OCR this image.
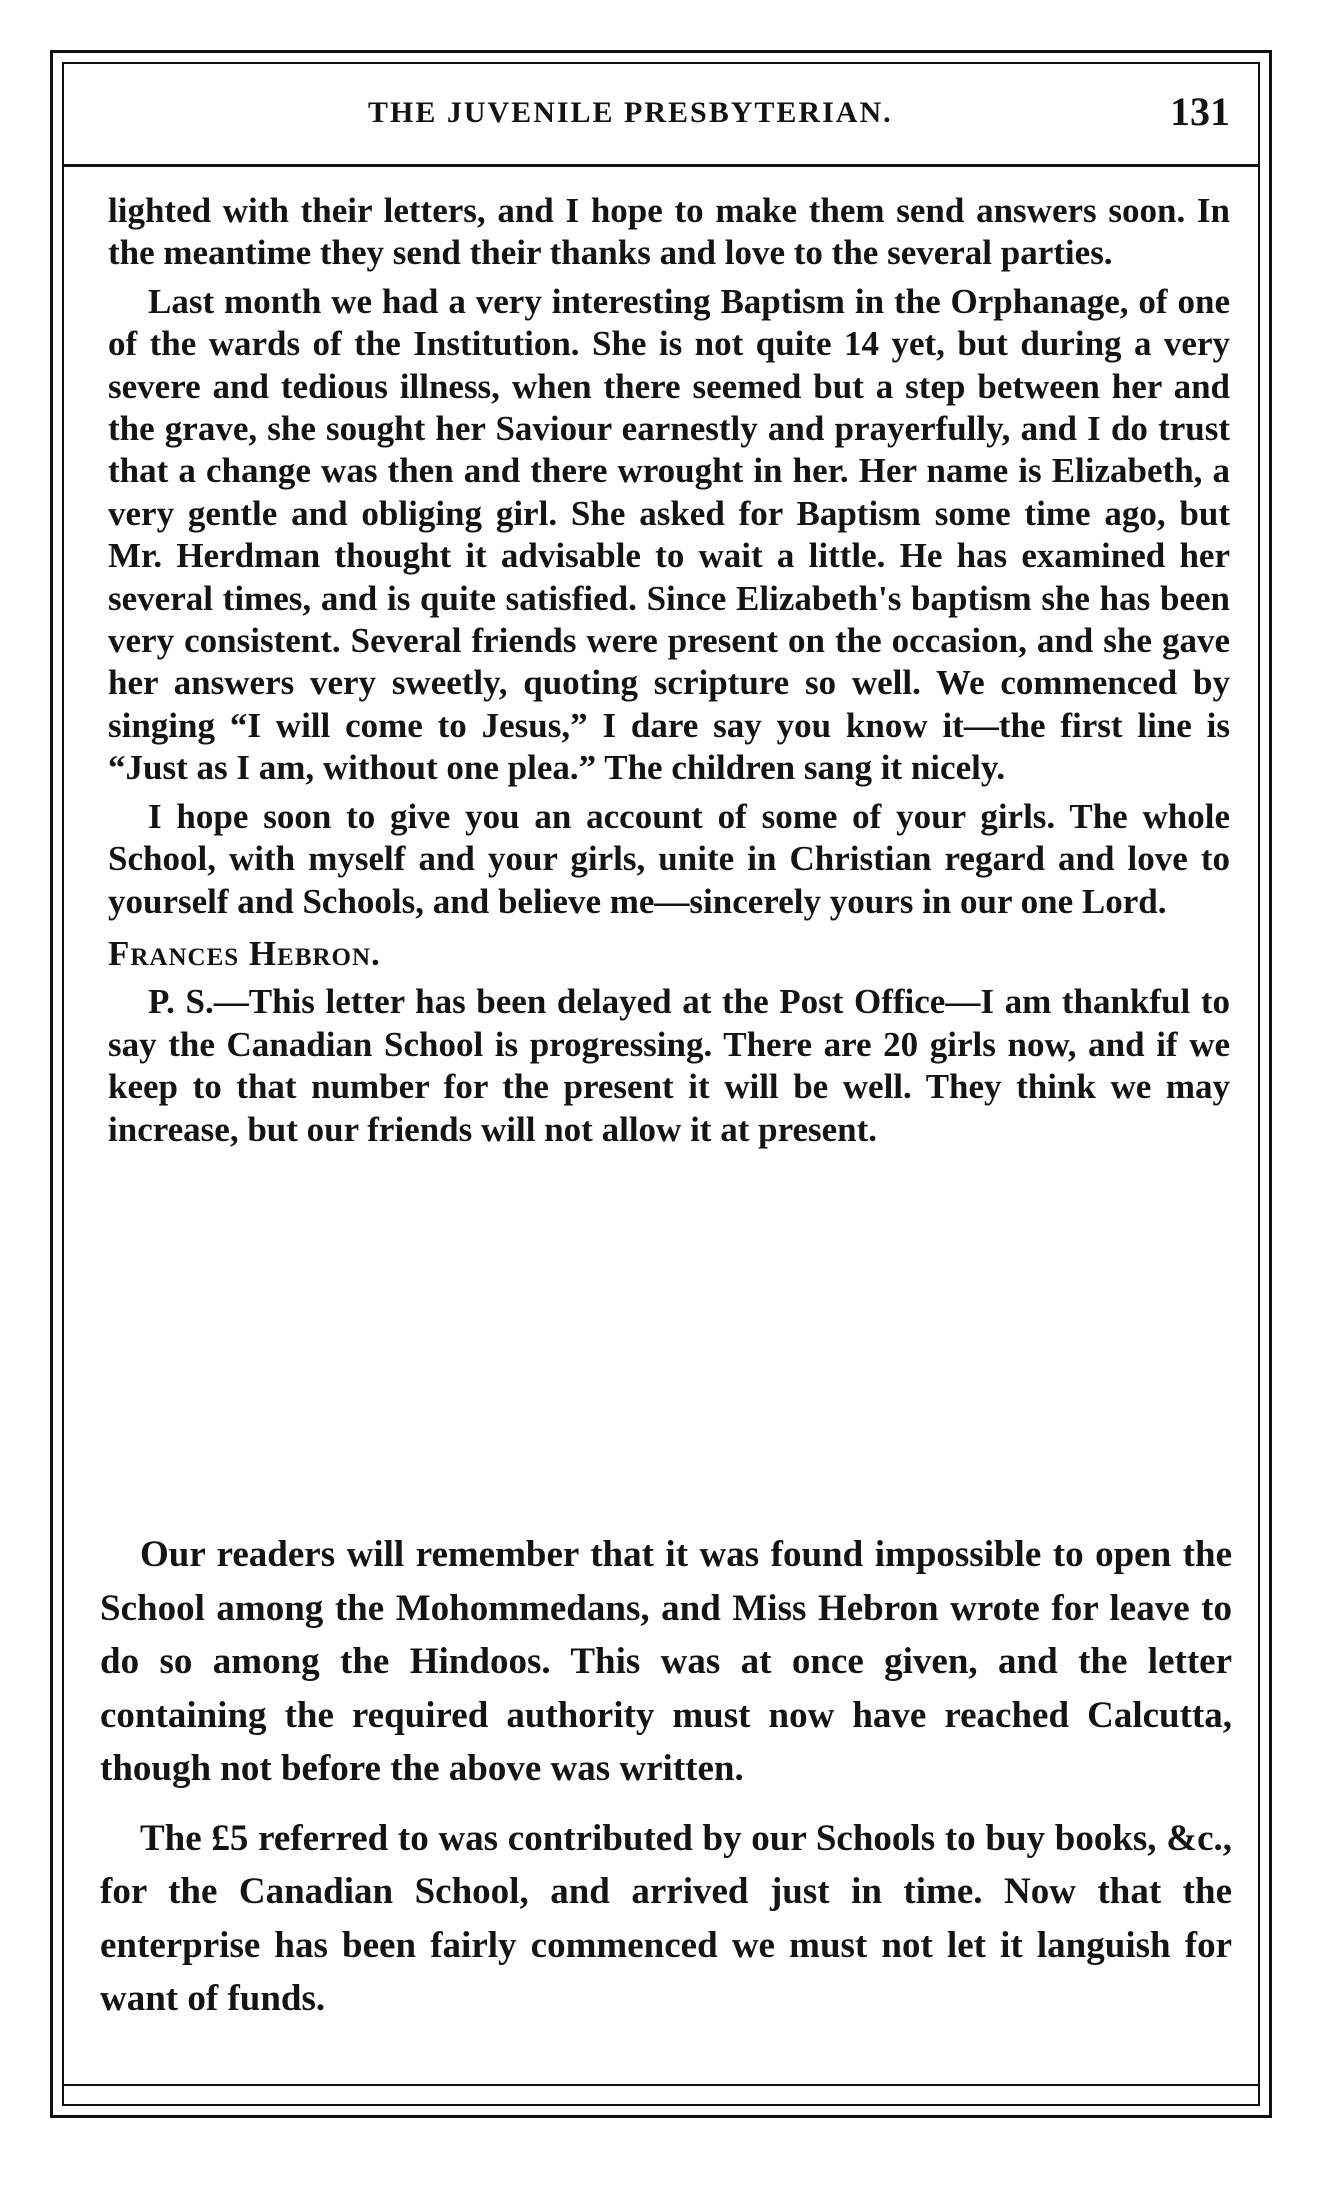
THE JUVENILE PRESBYTERIAN.	131

lighted with their letters, and I hope to make them send answers soon. In the meantime they send their thanks and love to the several parties.

Last month we had a very interesting Baptism in the Orphanage, of one of the wards of the Institution. She is not quite 14 yet, but during a very severe and tedious illness, when there seemed but a step between her and the grave, she sought her Saviour earnestly and prayerfully, and I do trust that a change was then and there wrought in her. Her name is Elizabeth, a very gentle and obliging girl. She asked for Baptism some time ago, but Mr. Herdman thought it advisable to wait a little. He has examined her several times, and is quite satisfied. Since Elizabeth's baptism she has been very consistent. Several friends were present on the occasion, and she gave her answers very sweetly, quoting scripture so well. We commenced by singing “I will come to Jesus,” I dare say you know it—the first line is “Just as I am, without one plea.” The children sang it nicely.

I hope soon to give you an account of some of your girls. The whole School, with myself and your girls, unite in Christian regard and love to yourself and Schools, and believe me—sincerely yours in our one Lord.

Frances Hebron.

P. S.—This letter has been delayed at the Post Office—I am thankful to say the Canadian School is progressing. There are 20 girls now, and if we keep to that number for the present it will be well. They think we may increase, but our friends will not allow it at present.

Our readers will remember that it was found impossible to open the School among the Mohommedans, and Miss Hebron wrote for leave to do so among the Hindoos. This was at once given, and the letter containing the required authority must now have reached Calcutta, though not before the above was written.

The £5 referred to was contributed by our Schools to buy books, &c., for the Canadian School, and arrived just in time. Now that the enterprise has been fairly commenced we must not let it languish for want of funds.
